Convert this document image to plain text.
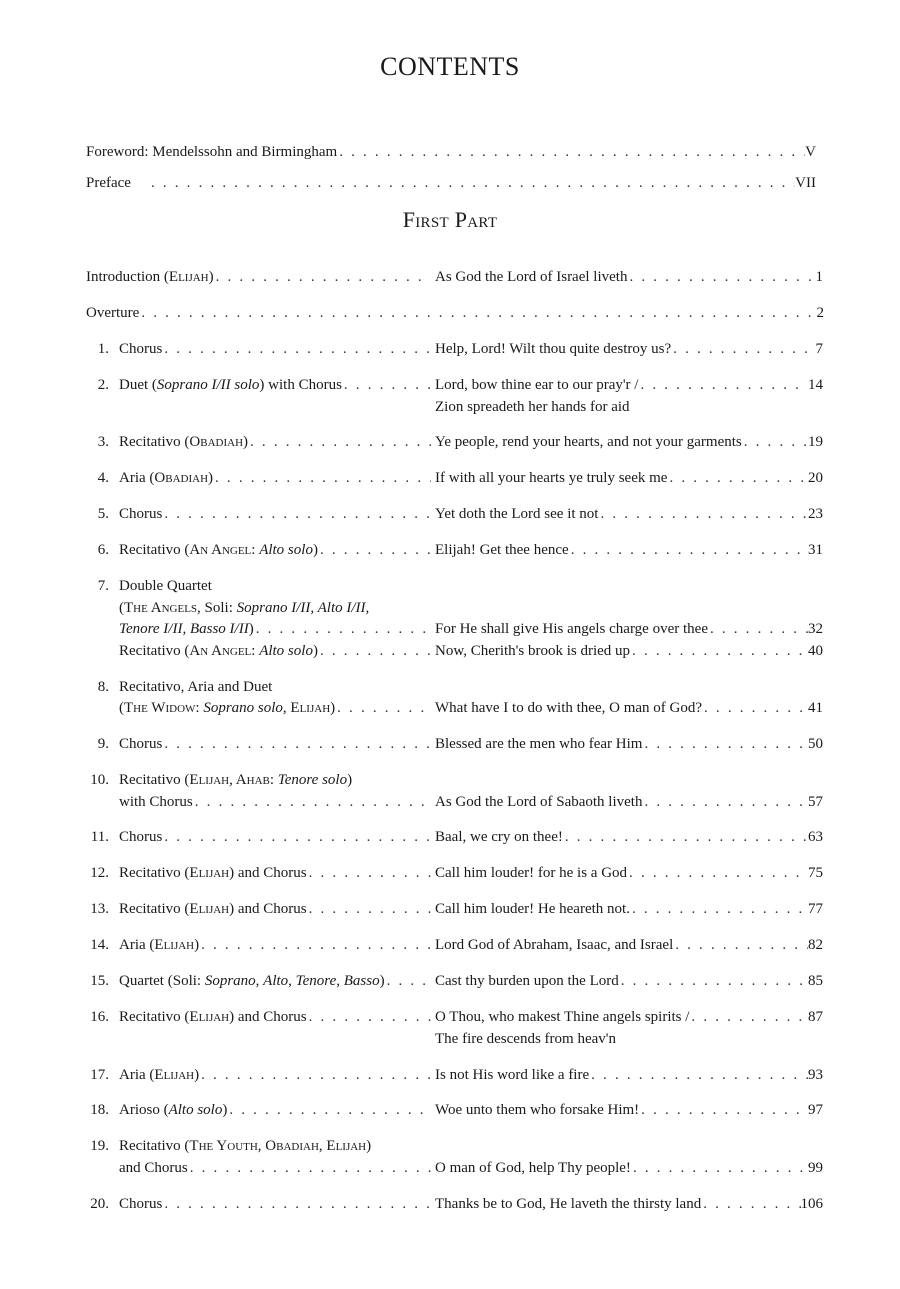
CONTENTS
Foreword: Mendelssohn and Birmingham . . .	V
Preface . . .	VII
First Part
Introduction (Elijah) . . .	As God the Lord of Israel liveth . . .	1
Overture . . .	2
1. Chorus . . .	Help, Lord! Wilt thou quite destroy us? . . .	7
2. Duet (Soprano I/II solo) with Chorus . . .	Lord, bow thine ear to our pray'r / . . .	14
Zion spreadeth her hands for aid
3. Recitativo (Obadiah) . . .	Ye people, rend your hearts, and not your garments . . .	19
4. Aria (Obadiah) . . .	If with all your hearts ye truly seek me . . .	20
5. Chorus . . .	Yet doth the Lord see it not . . .	23
6. Recitativo (An Angel: Alto solo) . . .	Elijah! Get thee hence . . .	31
7. Double Quartet
(The Angels, Soli: Soprano I/II, Alto I/II,
Tenore I/II, Basso I/II) . . .	For He shall give His angels charge over thee . . .	32
Recitativo (An Angel: Alto solo) . . .	Now, Cherith's brook is dried up . . .	40
8. Recitativo, Aria and Duet
(The Widow: Soprano solo, Elijah) . . .	What have I to do with thee, O man of God? . . .	41
9. Chorus . . .	Blessed are the men who fear Him . . .	50
10. Recitativo (Elijah, Ahab: Tenore solo)
with Chorus . . .	As God the Lord of Sabaoth liveth . . .	57
11. Chorus . . .	Baal, we cry on thee! . . .	63
12. Recitativo (Elijah) and Chorus . . .	Call him louder! for he is a God . . .	75
13. Recitativo (Elijah) and Chorus . . .	Call him louder! He heareth not. . . .	77
14. Aria (Elijah) . . .	Lord God of Abraham, Isaac, and Israel . . .	82
15. Quartet (Soli: Soprano, Alto, Tenore, Basso) . . .	Cast thy burden upon the Lord . . .	85
16. Recitativo (Elijah) and Chorus . . .	O Thou, who makest Thine angels spirits / . . .	87
The fire descends from heav'n
17. Aria (Elijah) . . .	Is not His word like a fire . . .	93
18. Arioso (Alto solo) . . .	Woe unto them who forsake Him! . . .	97
19. Recitativo (The Youth, Obadiah, Elijah)
and Chorus . . .	O man of God, help Thy people! . . .	99
20. Chorus . . .	Thanks be to God, He laveth the thirsty land . . .	106
